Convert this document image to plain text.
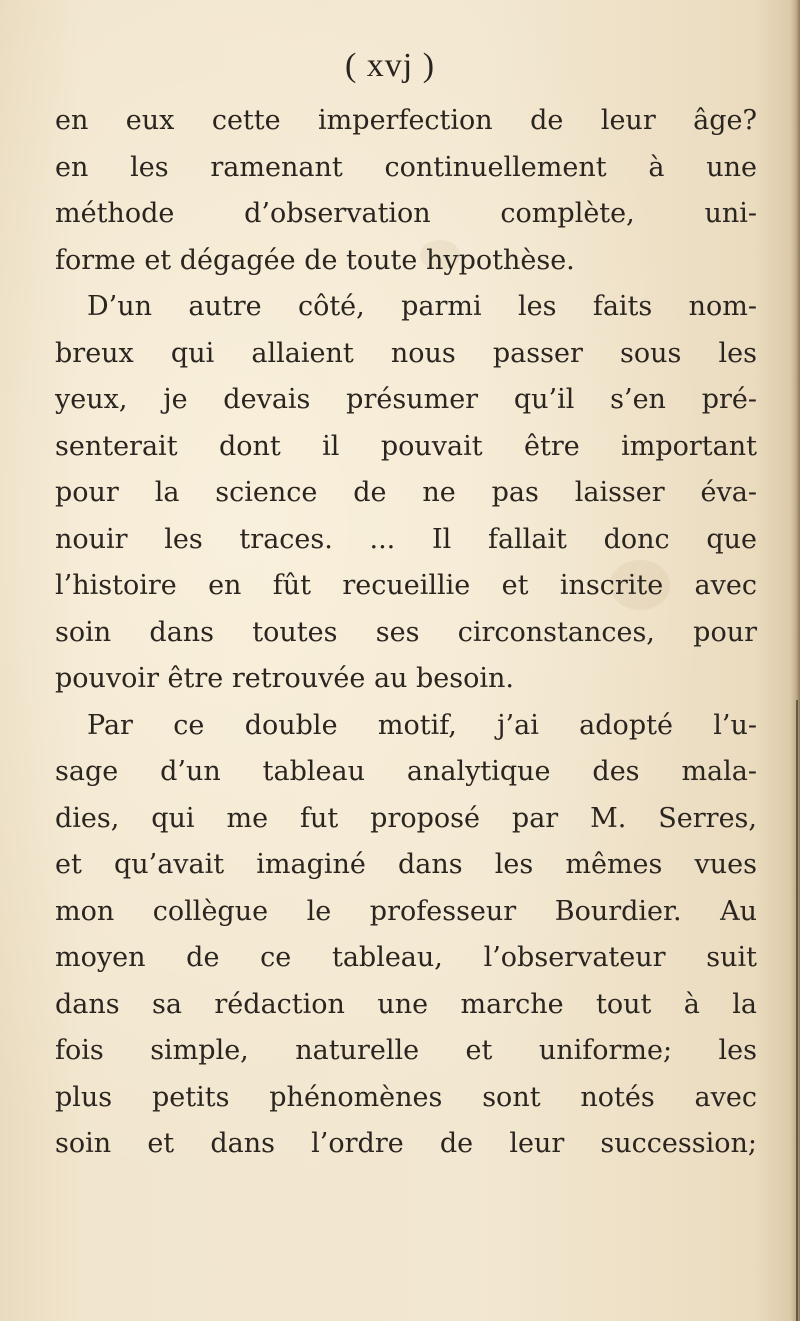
( xvj )
en eux cette imperfection de leur âge?
en les ramenant continuellement à une
méthode d’observation complète, uni-
forme et dégagée de toute hypothèse.
D’un autre côté, parmi les faits nom-
breux qui allaient nous passer sous les
yeux, je devais présumer qu’il s’en pré-
senterait dont il pouvait être important
pour la science de ne pas laisser éva-
nouir les traces. ... Il fallait donc que
l’histoire en fût recueillie et inscrite avec
soin dans toutes ses circonstances, pour
pouvoir être retrouvée au besoin.
Par ce double motif, j’ai adopté l’u-
sage d’un tableau analytique des mala-
dies, qui me fut proposé par M. Serres,
et qu’avait imaginé dans les mêmes vues
mon collègue le professeur Bourdier. Au
moyen de ce tableau, l’observateur suit
dans sa rédaction une marche tout à la
fois simple, naturelle et uniforme; les
plus petits phénomènes sont notés avec
soin et dans l’ordre de leur succession;
